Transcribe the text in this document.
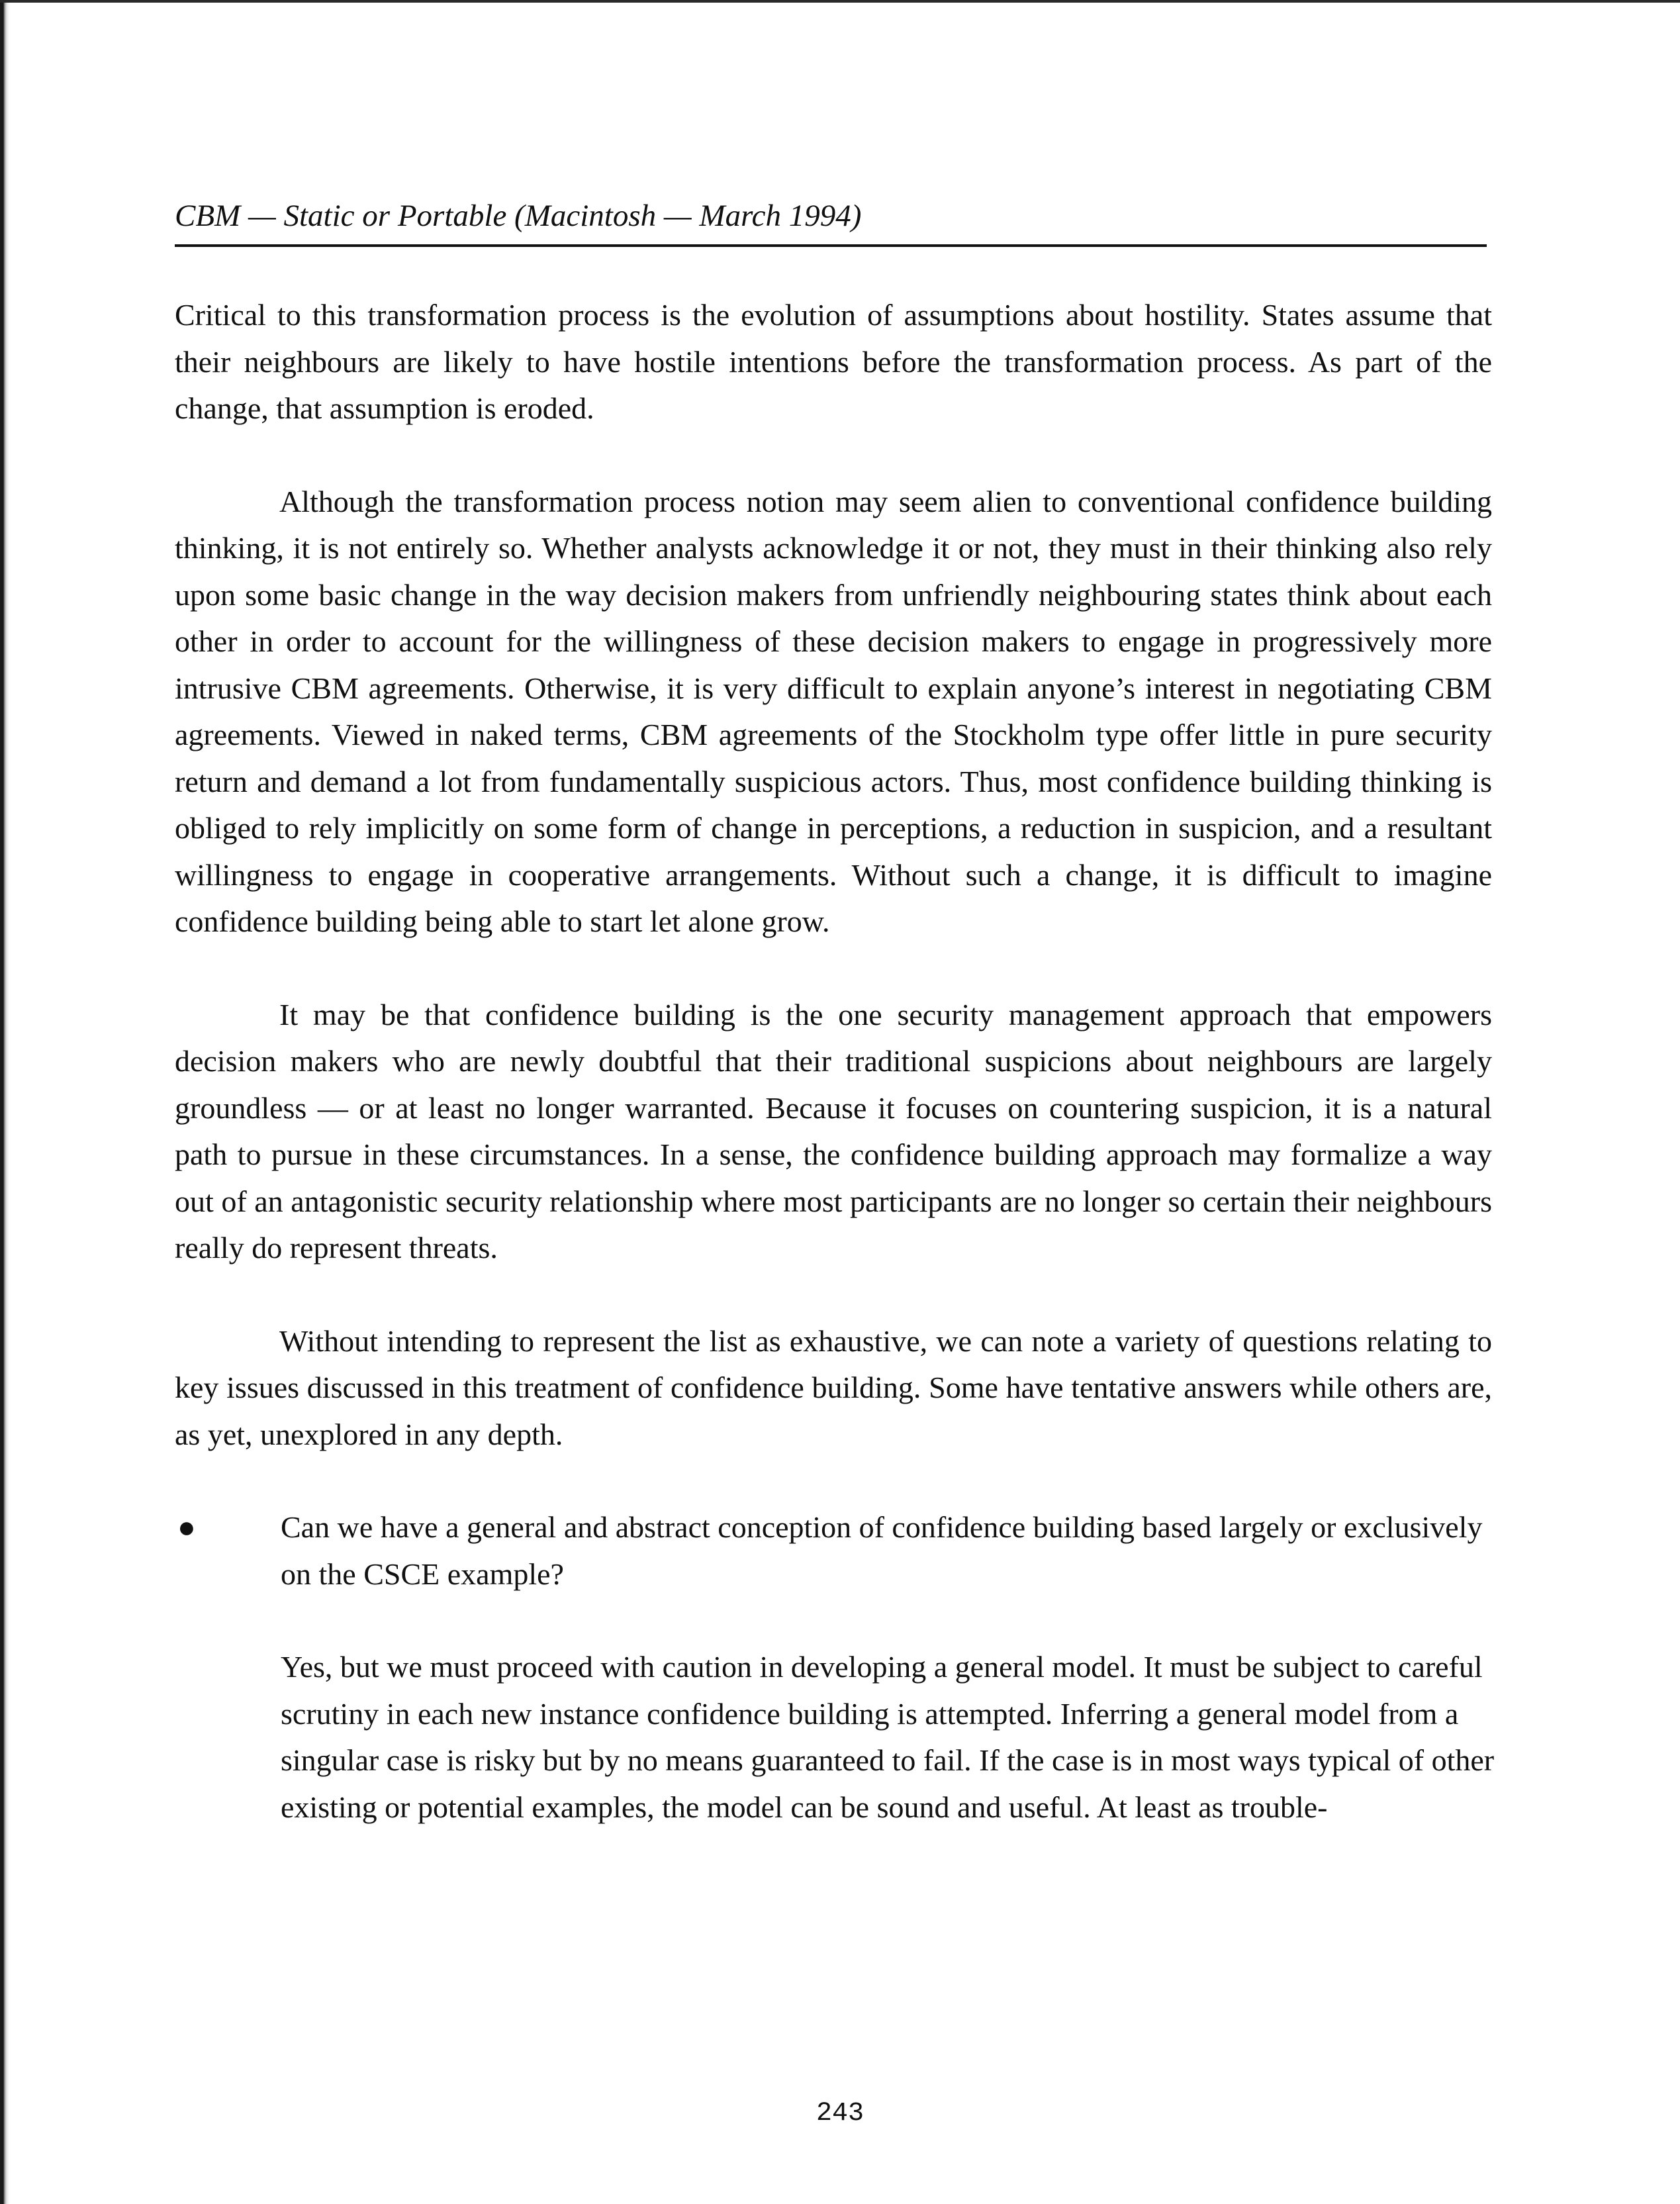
CBM — Static or Portable (Macintosh — March 1994)

Critical to this transformation process is the evolution of assumptions about hostility. States assume that their neighbours are likely to have hostile intentions before the transformation process. As part of the change, that assumption is eroded.

Although the transformation process notion may seem alien to conventional confidence building thinking, it is not entirely so. Whether analysts acknowledge it or not, they must in their thinking also rely upon some basic change in the way decision makers from unfriendly neighbouring states think about each other in order to account for the willingness of these decision makers to engage in progressively more intrusive CBM agreements. Otherwise, it is very difficult to explain anyone’s interest in negotiating CBM agreements. Viewed in naked terms, CBM agreements of the Stockholm type offer little in pure security return and demand a lot from fundamentally suspicious actors. Thus, most confidence building thinking is obliged to rely implicitly on some form of change in perceptions, a reduction in suspicion, and a resultant willingness to engage in cooperative arrangements. Without such a change, it is difficult to imagine confidence building being able to start let alone grow.

It may be that confidence building is the one security management approach that empowers decision makers who are newly doubtful that their traditional suspicions about neighbours are largely groundless — or at least no longer warranted. Because it focuses on countering suspicion, it is a natural path to pursue in these circumstances. In a sense, the confidence building approach may formalize a way out of an antagonistic security relationship where most participants are no longer so certain their neighbours really do represent threats.

Without intending to represent the list as exhaustive, we can note a variety of questions relating to key issues discussed in this treatment of confidence building. Some have tentative answers while others are, as yet, unexplored in any depth.

●	Can we have a general and abstract conception of confidence building based largely or exclusively on the CSCE example?

Yes, but we must proceed with caution in developing a general model. It must be subject to careful scrutiny in each new instance confidence building is attempted. Inferring a general model from a singular case is risky but by no means guaranteed to fail. If the case is in most ways typical of other existing or potential examples, the model can be sound and useful. At least as trouble-

243
